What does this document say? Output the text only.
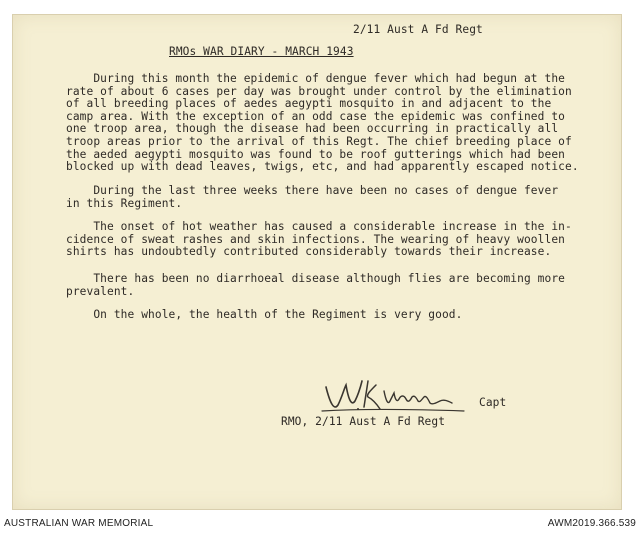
2/11 Aust A Fd Regt
RMOs WAR DIARY - MARCH 1943
During this month the epidemic of dengue fever which had begun at the
rate of about 6 cases per day was brought under control by the elimination
of all breeding places of aedes aegypti mosquito in and adjacent to the
camp area. With the exception of an odd case the epidemic was confined to
one troop area, though the disease had been occurring in practically all
troop areas prior to the arrival of this Regt. The chief breeding place of
the aeded aegypti mosquito was found to be roof gutterings which had been
blocked up with dead leaves, twigs, etc, and had apparently escaped notice.
During the last three weeks there have been no cases of dengue fever
in this Regiment.
The onset of hot weather has caused a considerable increase in the in-
cidence of sweat rashes and skin infections. The wearing of heavy woollen
shirts has undoubtedly contributed considerably towards their increase.
There has been no diarrhoeal disease although flies are becoming more
prevalent.
On the whole, the health of the Regiment is very good.
Capt
RMO, 2/11 Aust A Fd Regt
AUSTRALIAN WAR MEMORIAL	AWM2019.366.539
